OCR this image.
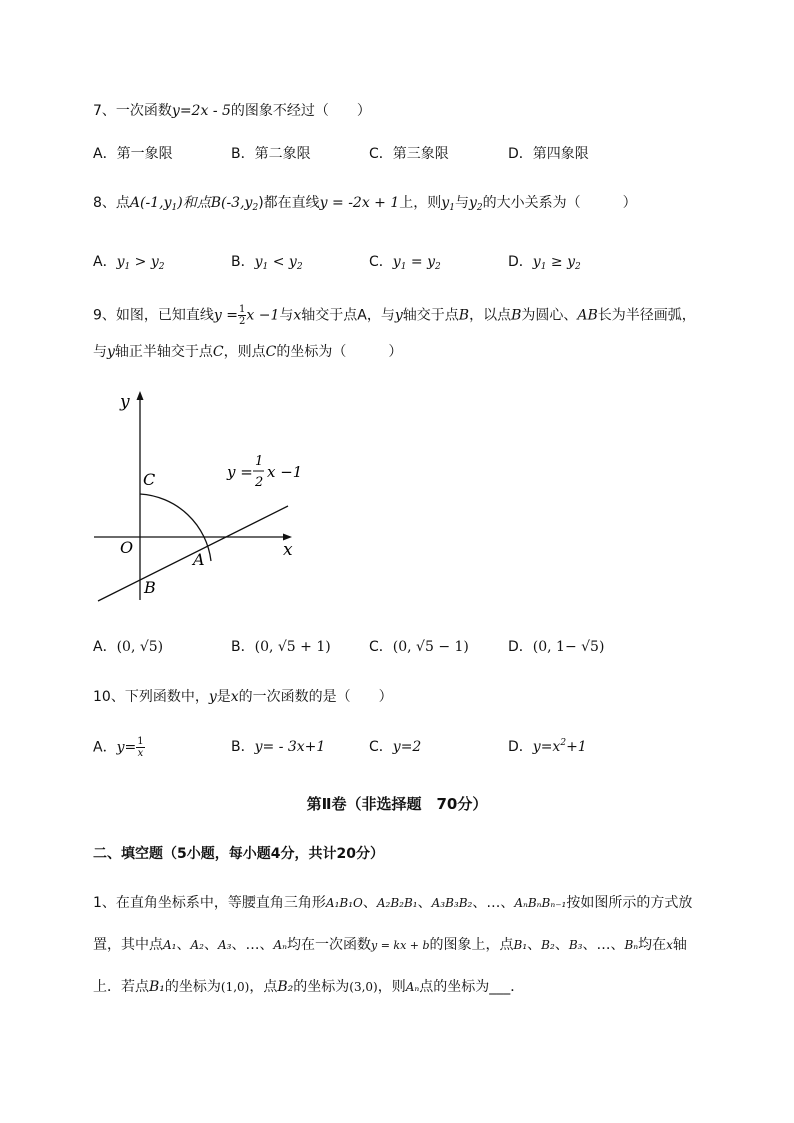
7、一次函数y=2x - 5的图象不经过（　　）
A．第一象限	B．第二象限	C．第三象限	D．第四象限
8、点$A(-1,y_1)$和点$B(-3,y_2)$都在直线y = -2x + 1上，则$y_1$与$y_2$的大小关系为（　　　）
A．$y_1 > y_2$	B．$y_1 < y_2$	C．$y_1 = y_2$	D．$y_1 \ge y_2$
9、如图，已知直线$y = \frac{1}{2}$ x −1与x轴交于点A，与y轴交于点B，以点B为圆心、AB长为半径画弧，
与y轴正半轴交于点C，则点C的坐标为（　　　）
y
x
O
A
B
C	y =
1
2
x −1
A．(0, √5)	B．(0, √5 + 1)	C．(0, √5 − 1)	D．(0, 1− √5)
10、下列函数中，y是x的一次函数的是（　　）
A．$y= \frac{1}{x}$	B．y= - 3x+1	C．y=2	D．$y=x^2+1$
第Ⅱ卷（非选择题　70分）
二、填空题（5小题，每小题4分，共计20分）
1、在直角坐标系中，等腰直角三角形A₁B₁O、A₂B₂B₁、A₃B₃B₂、…、AₙBₙBₙ₋₁按如图所示的方式放
置，其中点A₁、A₂、A₃、…、Aₙ均在一次函数y = kx + b的图象上，点B₁、B₂、B₃、…、Bₙ均在x轴
上．若点B₁的坐标为(1,0)，点B₂的坐标为(3,0)，则Aₙ点的坐标为___．
